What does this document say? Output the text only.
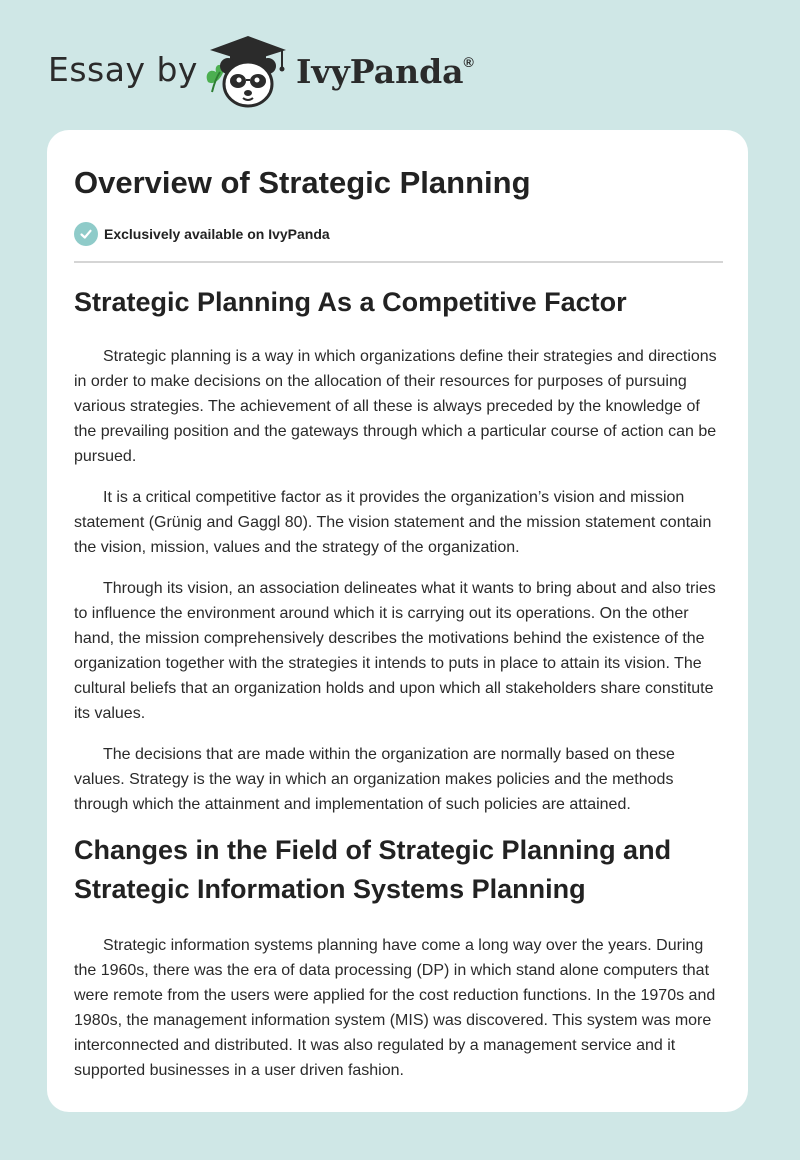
Essay by	IvyPanda®
Overview of Strategic Planning
Exclusively available on IvyPanda
Strategic Planning As a Competitive Factor

Strategic planning is a way in which organizations define their strategies and directions in order to make decisions on the allocation of their resources for purposes of pursuing various strategies. The achievement of all these is always preceded by the knowledge of the prevailing position and the gateways through which a particular course of action can be pursued.

It is a critical competitive factor as it provides the organization’s vision and mission statement (Grünig and Gaggl 80). The vision statement and the mission statement contain the vision, mission, values and the strategy of the organization.

Through its vision, an association delineates what it wants to bring about and also tries to influence the environment around which it is carrying out its operations. On the other hand, the mission comprehensively describes the motivations behind the existence of the organization together with the strategies it intends to puts in place to attain its vision. The cultural beliefs that an organization holds and upon which all stakeholders share constitute its values.

The decisions that are made within the organization are normally based on these values. Strategy is the way in which an organization makes policies and the methods through which the attainment and implementation of such policies are attained.

Changes in the Field of Strategic Planning and Strategic Information Systems Planning

Strategic information systems planning have come a long way over the years. During the 1960s, there was the era of data processing (DP) in which stand alone computers that were remote from the users were applied for the cost reduction functions. In the 1970s and 1980s, the management information system (MIS) was discovered. This system was more interconnected and distributed. It was also regulated by a management service and it supported businesses in a user driven fashion.
